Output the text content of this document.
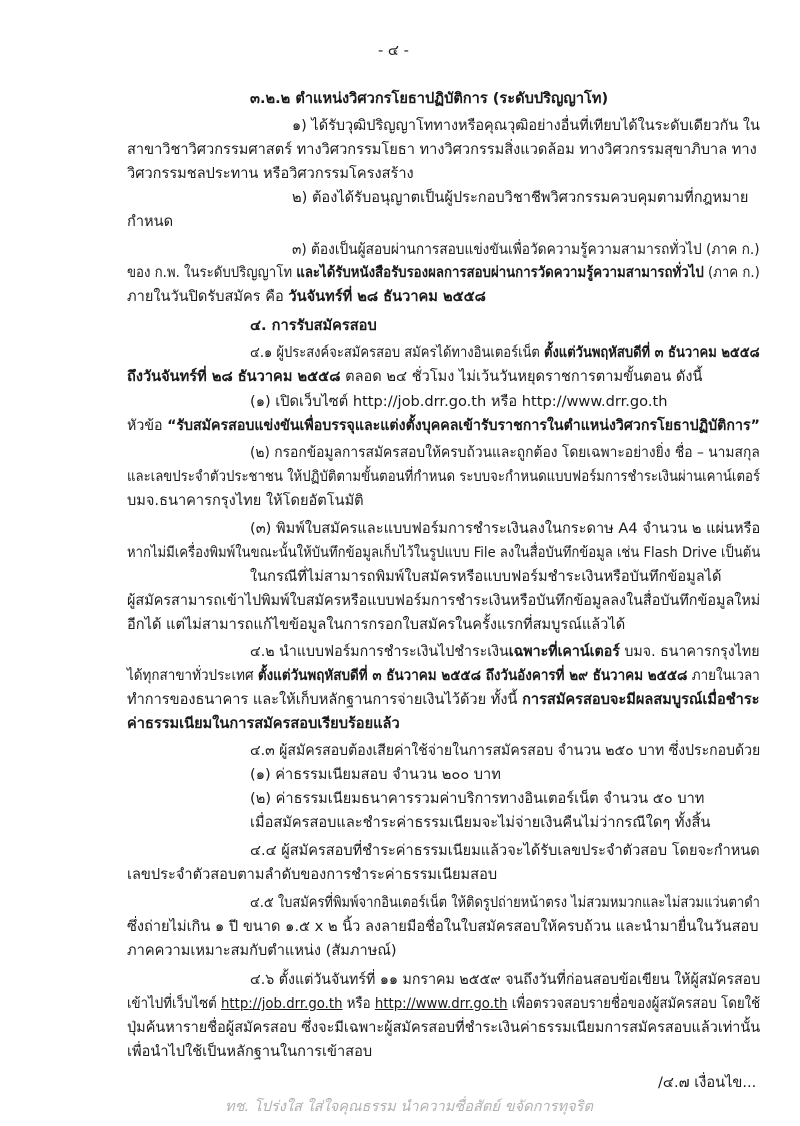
- ๔ -
๓.๒.๒ ตำแหน่งวิศวกรโยธาปฏิบัติการ (ระดับปริญญาโท)
๑) ได้รับวุฒิปริญญาโททางหรือคุณวุฒิอย่างอื่นที่เทียบได้ในระดับเดียวกัน ใน
สาขาวิชาวิศวกรรมศาสตร์ ทางวิศวกรรมโยธา ทางวิศวกรรมสิ่งแวดล้อม ทางวิศวกรรมสุขาภิบาล ทาง
วิศวกรรมชลประทาน หรือวิศวกรรมโครงสร้าง
๒) ต้องได้รับอนุญาตเป็นผู้ประกอบวิชาชีพวิศวกรรมควบคุมตามที่กฎหมาย
กำหนด
๓) ต้องเป็นผู้สอบผ่านการสอบแข่งขันเพื่อวัดความรู้ความสามารถทั่วไป (ภาค ก.)
ของ ก.พ. ในระดับปริญญาโท และได้รับหนังสือรับรองผลการสอบผ่านการวัดความรู้ความสามารถทั่วไป (ภาค ก.)
ภายในวันปิดรับสมัคร คือ วันจันทร์ที่ ๒๘ ธันวาคม ๒๕๕๘
๔. การรับสมัครสอบ
๔.๑ ผู้ประสงค์จะสมัครสอบ สมัครได้ทางอินเตอร์เน็ต ตั้งแต่วันพฤหัสบดีที่ ๓ ธันวาคม ๒๕๕๘
ถึงวันจันทร์ที่ ๒๘ ธันวาคม ๒๕๕๘ ตลอด ๒๔ ชั่วโมง ไม่เว้นวันหยุดราชการตามขั้นตอน ดังนี้
(๑) เปิดเว็บไซต์ http://job.drr.go.th หรือ http://www.drr.go.th
หัวข้อ “รับสมัครสอบแข่งขันเพื่อบรรจุและแต่งตั้งบุคคลเข้ารับราชการในตำแหน่งวิศวกรโยธาปฏิบัติการ”
(๒) กรอกข้อมูลการสมัครสอบให้ครบถ้วนและถูกต้อง โดยเฉพาะอย่างยิ่ง ชื่อ – นามสกุล
และเลขประจำตัวประชาชน ให้ปฏิบัติตามขั้นตอนที่กำหนด ระบบจะกำหนดแบบฟอร์มการชำระเงินผ่านเคาน์เตอร์
บมจ.ธนาคารกรุงไทย ให้โดยอัตโนมัติ
(๓) พิมพ์ใบสมัครและแบบฟอร์มการชำระเงินลงในกระดาษ A4 จำนวน ๒ แผ่นหรือ
หากไม่มีเครื่องพิมพ์ในขณะนั้นให้บันทึกข้อมูลเก็บไว้ในรูปแบบ File ลงในสื่อบันทึกข้อมูล เช่น Flash Drive เป็นต้น
ในกรณีที่ไม่สามารถพิมพ์ใบสมัครหรือแบบฟอร์มชำระเงินหรือบันทึกข้อมูลได้
ผู้สมัครสามารถเข้าไปพิมพ์ใบสมัครหรือแบบฟอร์มการชำระเงินหรือบันทึกข้อมูลลงในสื่อบันทึกข้อมูลใหม่
อีกได้ แต่ไม่สามารถแก้ไขข้อมูลในการกรอกใบสมัครในครั้งแรกที่สมบูรณ์แล้วได้
๔.๒ นำแบบฟอร์มการชำระเงินไปชำระเงินเฉพาะที่เคาน์เตอร์ บมจ. ธนาคารกรุงไทย
ได้ทุกสาขาทั่วประเทศ ตั้งแต่วันพฤหัสบดีที่ ๓ ธันวาคม ๒๕๕๘ ถึงวันอังคารที่ ๒๙ ธันวาคม ๒๕๕๘ ภายในเวลา
ทำการของธนาคาร และให้เก็บหลักฐานการจ่ายเงินไว้ด้วย ทั้งนี้ การสมัครสอบจะมีผลสมบูรณ์เมื่อชำระ
ค่าธรรมเนียมในการสมัครสอบเรียบร้อยแล้ว
๔.๓ ผู้สมัครสอบต้องเสียค่าใช้จ่ายในการสมัครสอบ จำนวน ๒๕๐ บาท ซึ่งประกอบด้วย
(๑) ค่าธรรมเนียมสอบ จำนวน ๒๐๐ บาท
(๒) ค่าธรรมเนียมธนาคารรวมค่าบริการทางอินเตอร์เน็ต จำนวน ๕๐ บาท
เมื่อสมัครสอบและชำระค่าธรรมเนียมจะไม่จ่ายเงินคืนไม่ว่ากรณีใดๆ ทั้งสิ้น
๔.๔ ผู้สมัครสอบที่ชำระค่าธรรมเนียมแล้วจะได้รับเลขประจำตัวสอบ โดยจะกำหนด
เลขประจำตัวสอบตามลำดับของการชำระค่าธรรมเนียมสอบ
๔.๕ ใบสมัครที่พิมพ์จากอินเตอร์เน็ต ให้ติดรูปถ่ายหน้าตรง ไม่สวมหมวกและไม่สวมแว่นตาดำ
ซึ่งถ่ายไม่เกิน ๑ ปี ขนาด ๑.๕ x ๒ นิ้ว ลงลายมือชื่อในใบสมัครสอบให้ครบถ้วน และนำมายื่นในวันสอบ
ภาคความเหมาะสมกับตำแหน่ง (สัมภาษณ์)
๔.๖ ตั้งแต่วันจันทร์ที่ ๑๑ มกราคม ๒๕๕๙ จนถึงวันที่ก่อนสอบข้อเขียน ให้ผู้สมัครสอบ
เข้าไปที่เว็บไซต์ http://job.drr.go.th หรือ http://www.drr.go.th เพื่อตรวจสอบรายชื่อของผู้สมัครสอบ โดยใช้
ปุ่มค้นหารายชื่อผู้สมัครสอบ ซึ่งจะมีเฉพาะผู้สมัครสอบที่ชำระเงินค่าธรรมเนียมการสมัครสอบแล้วเท่านั้น
เพื่อนำไปใช้เป็นหลักฐานในการเข้าสอบ
/๔.๗ เงื่อนไข...
ทช. โปร่งใส ใส่ใจคุณธรรม นำความซื่อสัตย์ ขจัดการทุจริต
